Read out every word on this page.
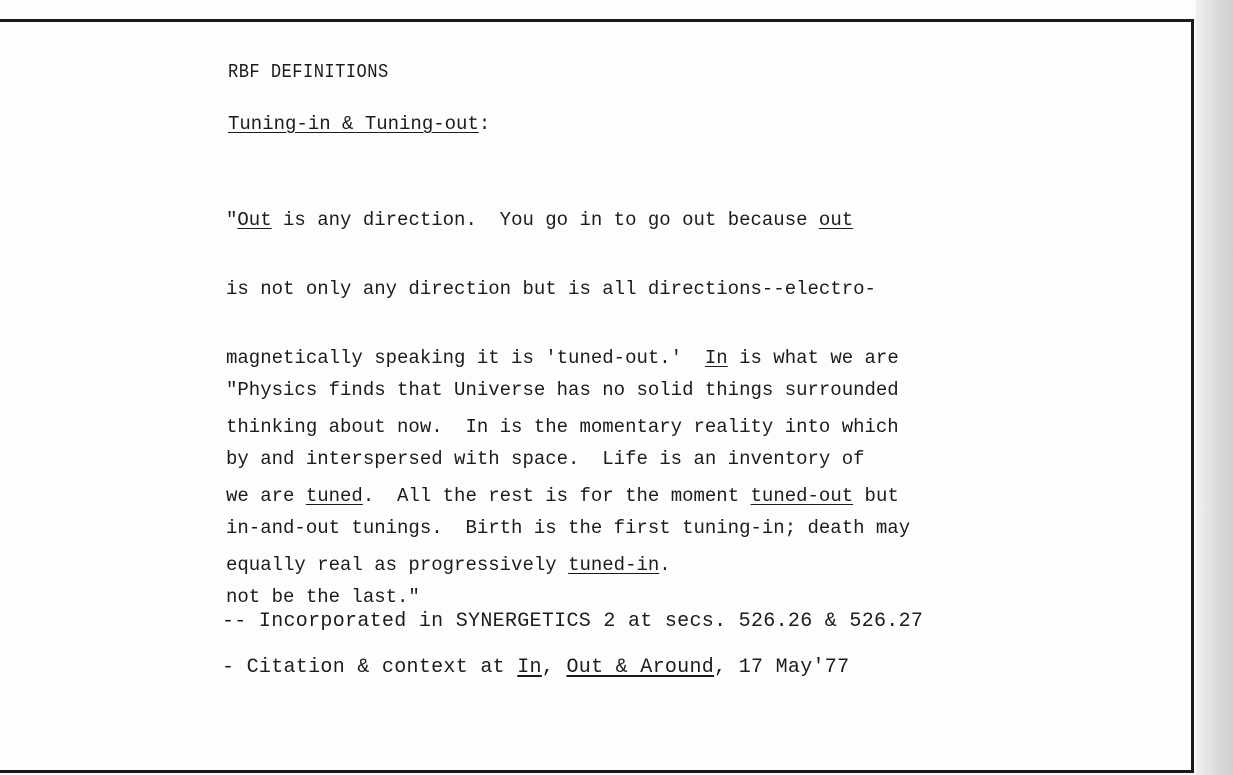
RBF DEFINITIONS
Tuning-in & Tuning-out:

"Out is any direction.  You go in to go out because out

is not only any direction but is all directions--electro-

magnetically speaking it is 'tuned-out.'  In is what we are

thinking about now.  In is the momentary reality into which

we are tuned.  All the rest is for the moment tuned-out but

equally real as progressively tuned-in.

"Physics finds that Universe has no solid things surrounded

by and interspersed with space.  Life is an inventory of

in-and-out tunings.  Birth is the first tuning-in; death may

not be the last."

-- Incorporated in SYNERGETICS 2 at secs. 526.26 & 526.27
- Citation & context at In, Out & Around, 17 May'77
